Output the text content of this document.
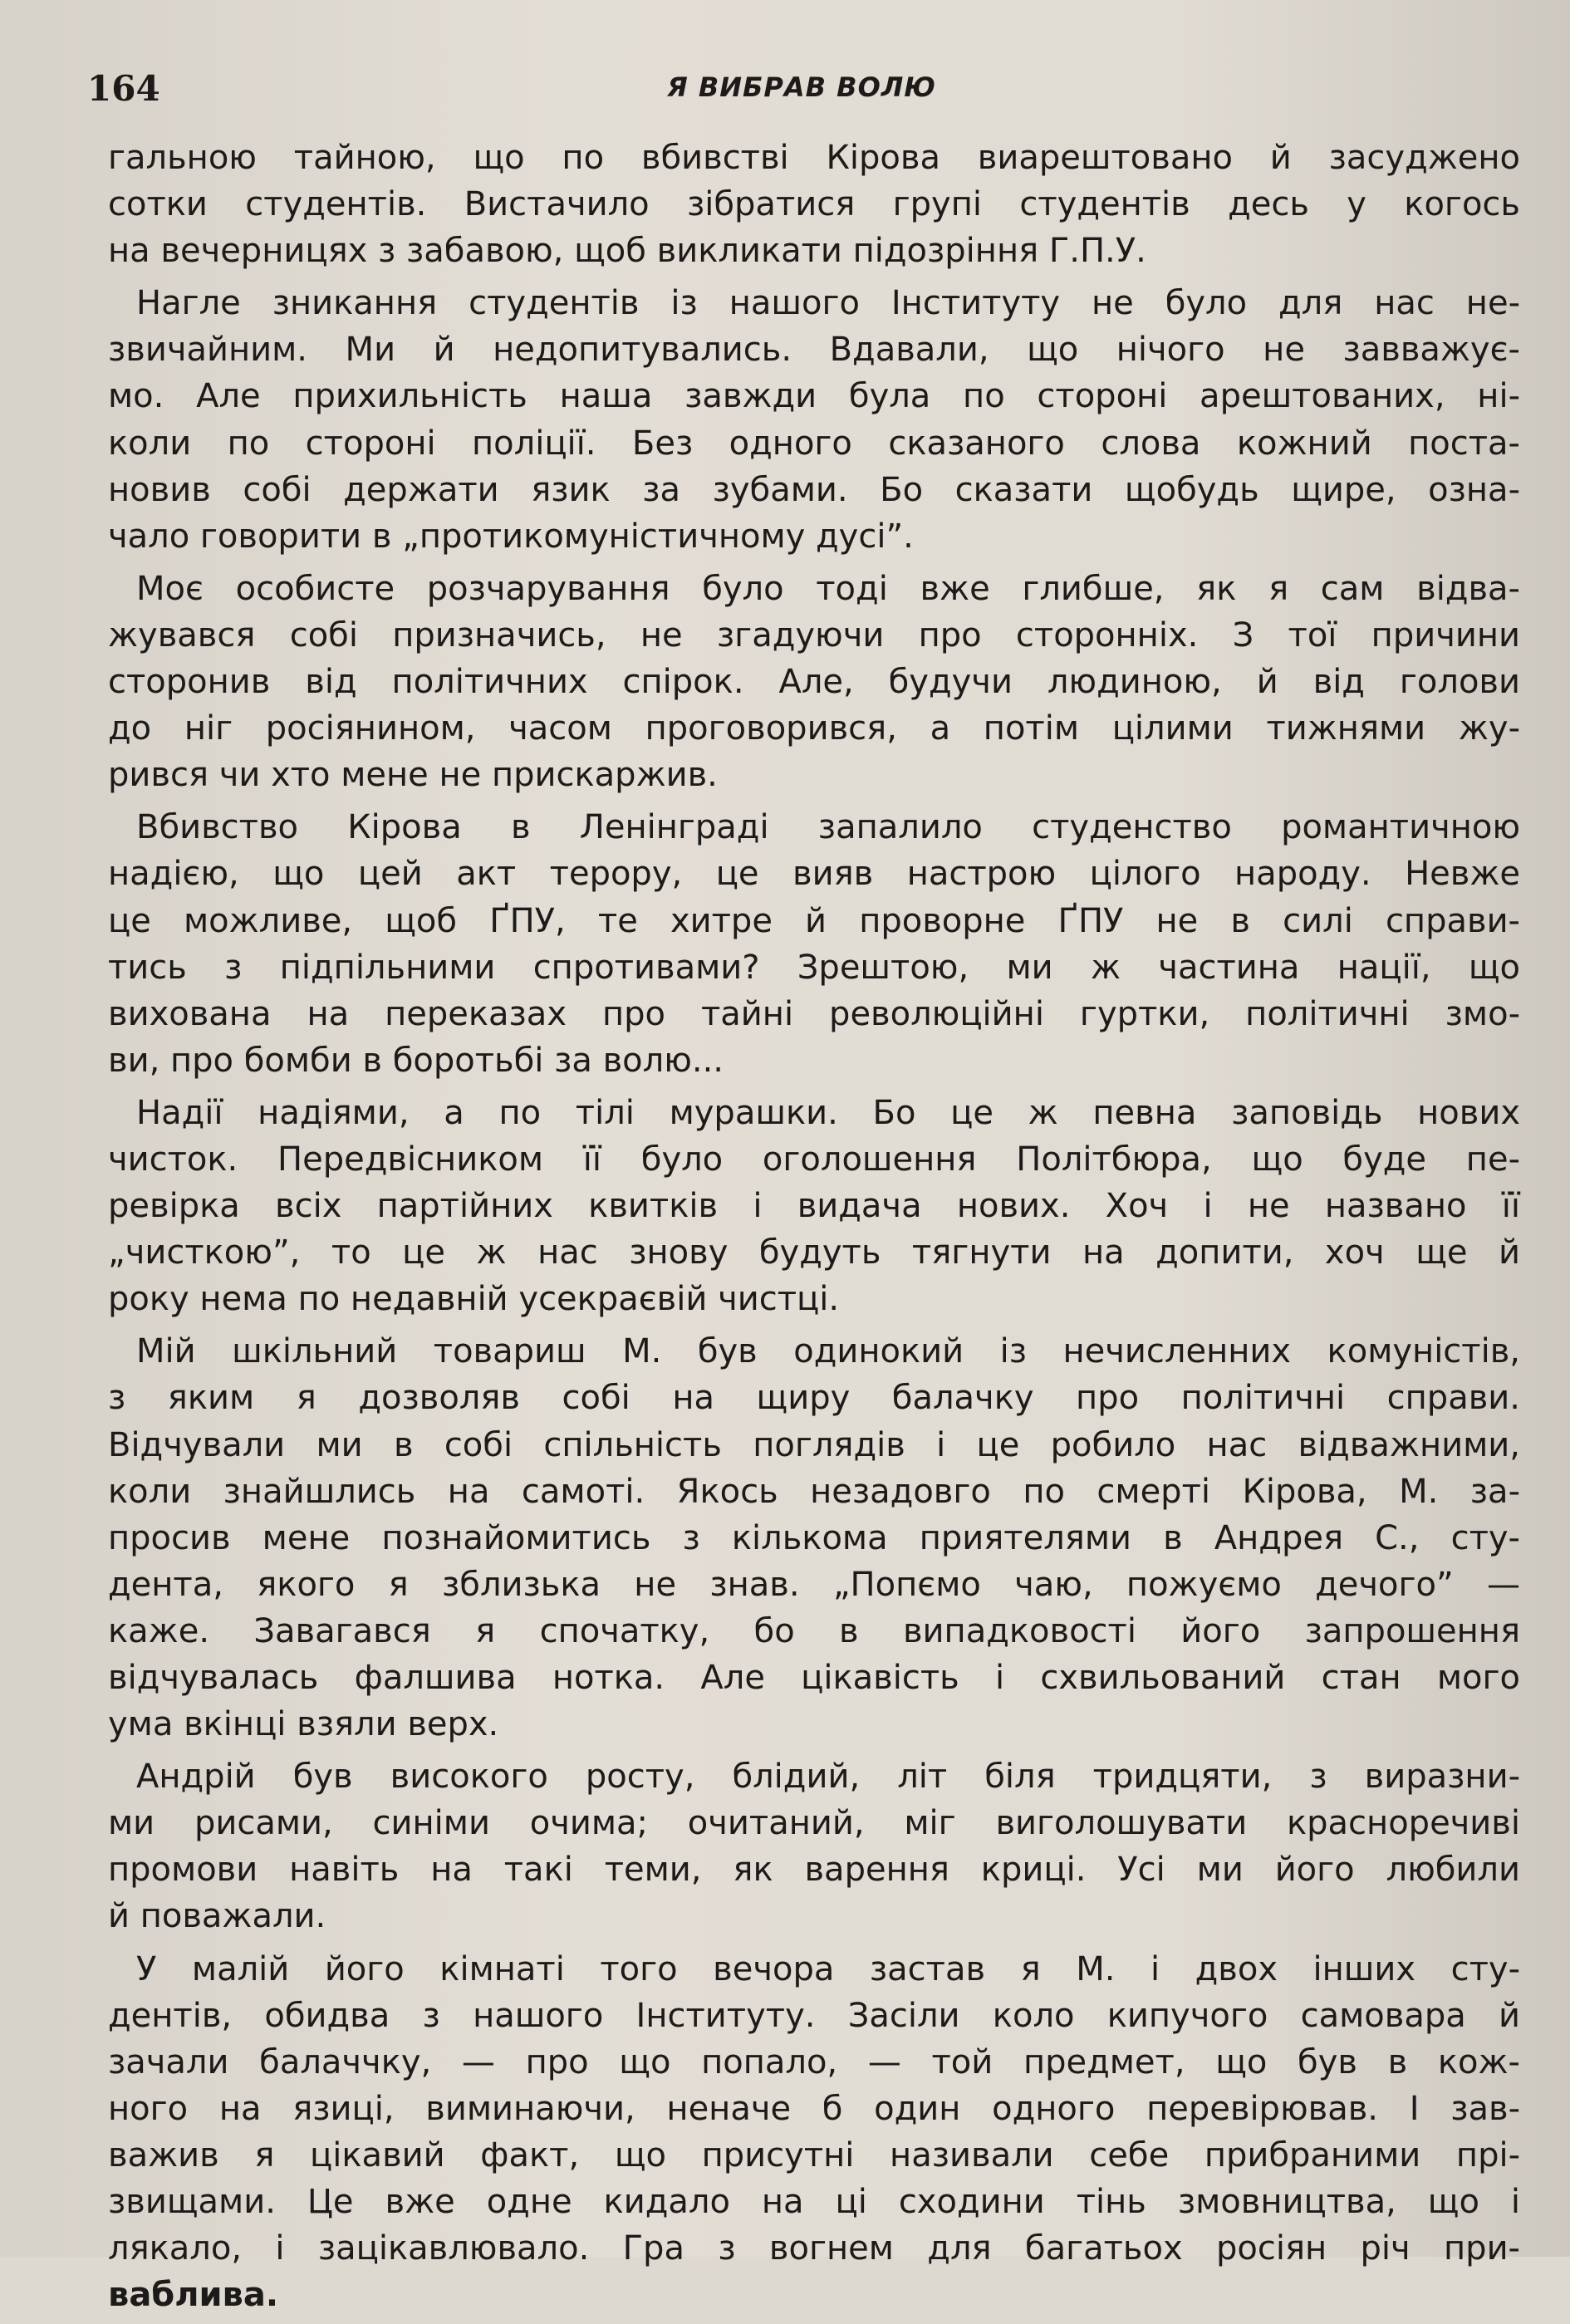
164	Я ВИБРАВ ВОЛЮ
гальною тайною, що по вбивстві Кірова виарештовано й засуджено
сотки студентів. Вистачило зібратися групі студентів десь у когось
на вечерницях з забавою, щоб викликати підозріння Г.П.У.
Нагле зникання студентів із нашого Інституту не було для нас не-
звичайним. Ми й недопитувались. Вдавали, що нічого не завважує-
мо. Але прихильність наша завжди була по стороні арештованих, ні-
коли по стороні поліції. Без одного сказаного слова кожний поста-
новив собі держати язик за зубами. Бо сказати щобудь щире, озна-
чало говорити в „протикомуністичному дусі”.
Моє особисте розчарування було тоді вже глибше, як я сам відва-
жувався собі призначись, не згадуючи про сторонніх. З тої причини
сторонив від політичних спірок. Але, будучи людиною, й від голови
до ніг росіянином, часом проговорився, а потім цілими тижнями жу-
рився чи хто мене не прискаржив.
Вбивство Кірова в Ленінграді запалило студенство романтичною
надією, що цей акт терору, це вияв настрою цілого народу. Невже
це можливе, щоб ҐПУ, те хитре й проворне ҐПУ не в силі справи-
тись з підпільними спротивами? Зрештою, ми ж частина нації, що
вихована на переказах про тайні революційні гуртки, політичні змо-
ви, про бомби в боротьбі за волю...
Надії надіями, а по тілі мурашки. Бо це ж певна заповідь нових
чисток. Передвісником її було оголошення Політбюра, що буде пе-
ревірка всіх партійних квитків і видача нових. Хоч і не названо її
„чисткою”, то це ж нас знову будуть тягнути на допити, хоч ще й
року нема по недавній усекраєвій чистці.
Мій шкільний товариш М. був одинокий із нечисленних комуністів,
з яким я дозволяв собі на щиру балачку про політичні справи.
Відчували ми в собі спільність поглядів і це робило нас відважними,
коли знайшлись на самоті. Якось незадовго по смерті Кірова, М. за-
просив мене познайомитись з кількома приятелями в Андрея С., сту-
дента, якого я зблизька не знав. „Попємо чаю, пожуємо дечого” —
каже. Завагався я спочатку, бо в випадковості його запрошення
відчувалась фалшива нотка. Але цікавість і схвильований стан мого
ума вкінці взяли верх.
Андрій був високого росту, блідий, літ біля тридцяти, з виразни-
ми рисами, синіми очима; очитаний, міг виголошувати красноречиві
промови навіть на такі теми, як варення криці. Усі ми його любили
й поважали.
У малій його кімнаті того вечора застав я М. і двох інших сту-
дентів, обидва з нашого Інституту. Засіли коло кипучого самовара й
зачали балаччку, — про що попало, — той предмет, що був в кож-
ного на язиці, виминаючи, неначе б один одного перевірював. І зав-
важив я цікавий факт, що присутні називали себе прибраними прі-
звищами. Це вже одне кидало на ці сходини тінь змовництва, що і
лякало, і зацікавлювало. Гра з вогнем для багатьох росіян річ при-
ваблива.
